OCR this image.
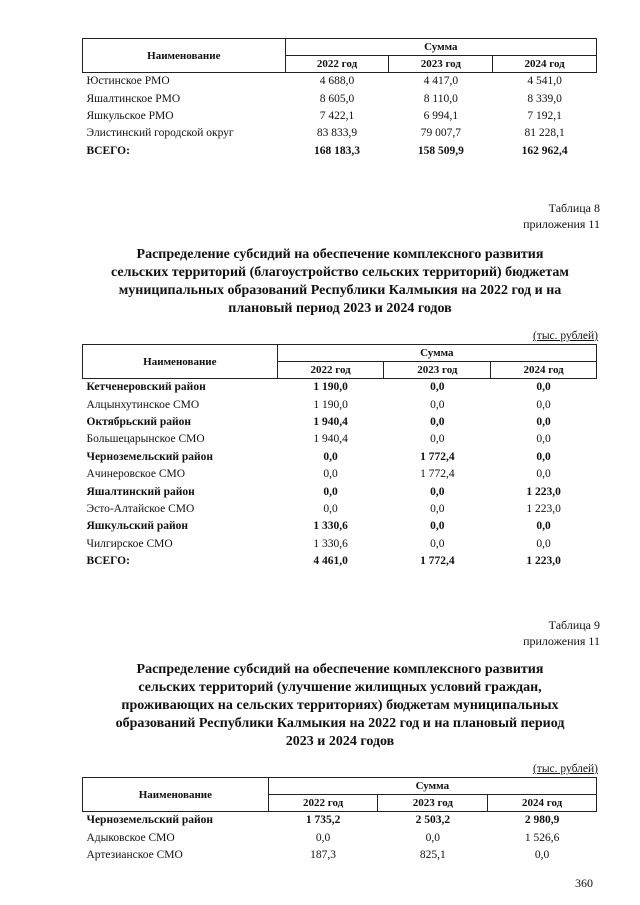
Наименование	Сумма		
	2022 год	2023 год	2024 год
Юстинское РМО	4 688,0	4 417,0	4 541,0
Яшалтинское РМО	8 605,0	8 110,0	8 339,0
Яшкульское РМО	7 422,1	6 994,1	7 192,1
Элистинский городской округ	83 833,9	79 007,7	81 228,1
ВСЕГО:	168 183,3	158 509,9	162 962,4
Таблица 8
приложения 11
Распределение субсидий на обеспечение комплексного развития
сельских территорий (благоустройство сельских территорий) бюджетам
муниципальных образований Республики Калмыкия на 2022 год и на
плановый период 2023 и 2024 годов
(тыс. рублей)
Наименование	Сумма		
	2022 год	2023 год	2024 год
Кетченеровский район	1 190,0	0,0	0,0
Алцынхутинское СМО	1 190,0	0,0	0,0
Октябрьский район	1 940,4	0,0	0,0
Большецарынское СМО	1 940,4	0,0	0,0
Черноземельский район	0,0	1 772,4	0,0
Ачинеровское СМО	0,0	1 772,4	0,0
Яшалтинский район	0,0	0,0	1 223,0
Эсто-Алтайское СМО	0,0	0,0	1 223,0
Яшкульский район	1 330,6	0,0	0,0
Чилгирское СМО	1 330,6	0,0	0,0
ВСЕГО:	4 461,0	1 772,4	1 223,0
Таблица 9
приложения 11
Распределение субсидий на обеспечение комплексного развития
сельских территорий (улучшение жилищных условий граждан,
проживающих на сельских территориях) бюджетам муниципальных
образований Республики Калмыкия на 2022 год и на плановый период
2023 и 2024 годов
(тыс. рублей)
Наименование	Сумма		
	2022 год	2023 год	2024 год
Черноземельский район	1 735,2	2 503,2	2 980,9
Адыковское СМО	0,0	0,0	1 526,6
Артезианское СМО	187,3	825,1	0,0
360
